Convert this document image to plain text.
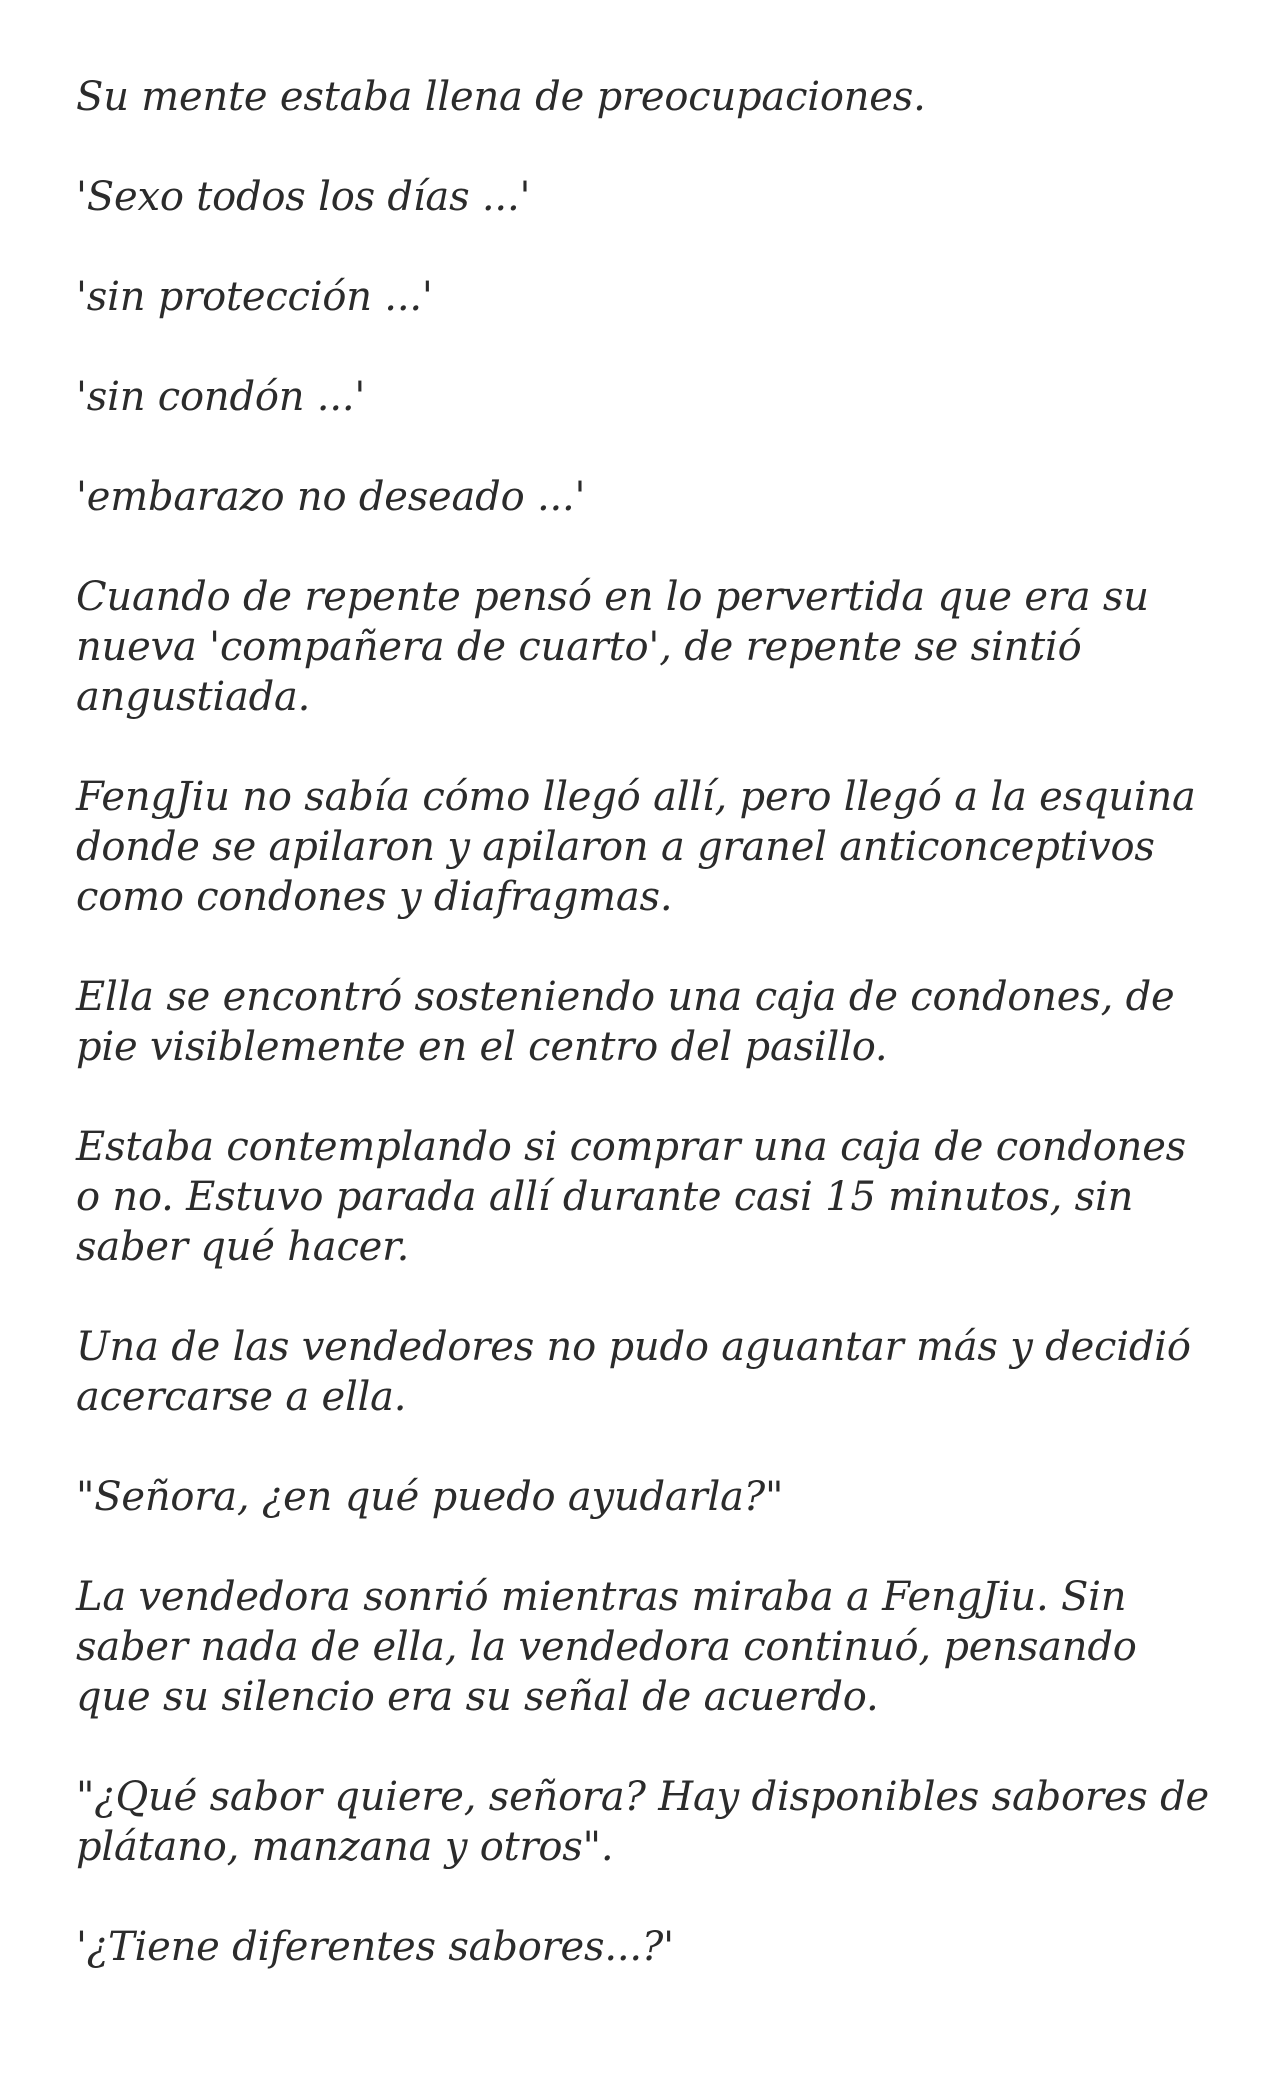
Su mente estaba llena de preocupaciones.

'Sexo todos los días ...'

'sin protección ...'

'sin condón ...'

'embarazo no deseado ...'

Cuando de repente pensó en lo pervertida que era su nueva 'compañera de cuarto', de repente se sintió angustiada.

FengJiu no sabía cómo llegó allí, pero llegó a la esquina donde se apilaron y apilaron a granel anticonceptivos como condones y diafragmas.

Ella se encontró sosteniendo una caja de condones, de pie visiblemente en el centro del pasillo.

Estaba contemplando si comprar una caja de condones o no. Estuvo parada allí durante casi 15 minutos, sin saber qué hacer.

Una de las vendedores no pudo aguantar más y decidió acercarse a ella.

"Señora, ¿en qué puedo ayudarla?"

La vendedora sonrió mientras miraba a FengJiu. Sin saber nada de ella, la vendedora continuó, pensando que su silencio era su señal de acuerdo.

"¿Qué sabor quiere, señora? Hay disponibles sabores de plátano, manzana y otros".

'¿Tiene diferentes sabores...?'
